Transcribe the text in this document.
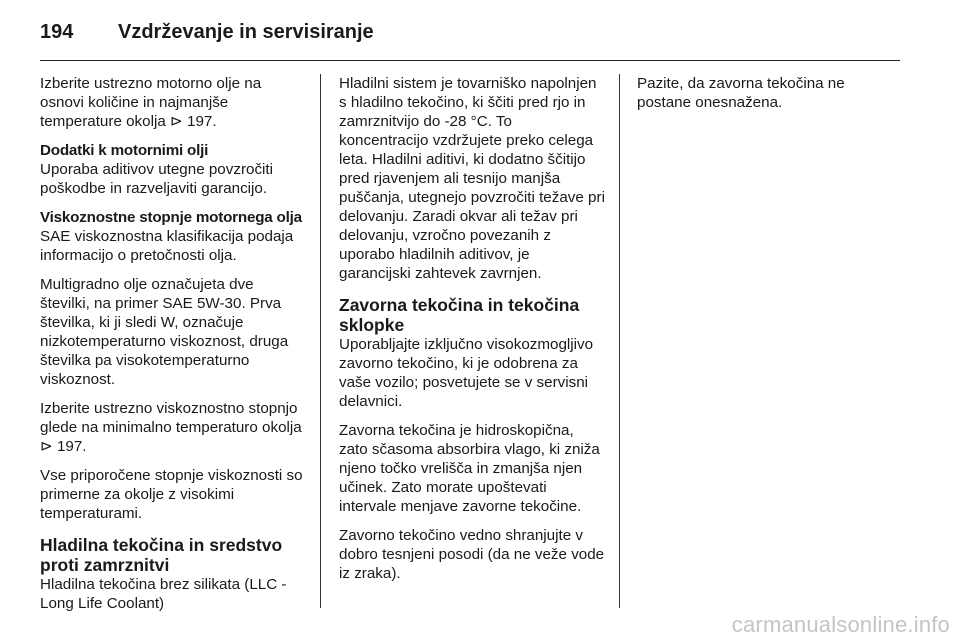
194	Vzdrževanje in servisiranje

Izberite ustrezno motorno olje na osnovi količine in najmanjše temperature okolja ⊳ 197.

Dodatki k motornimi olji

Uporaba aditivov utegne povzročiti poškodbe in razveljaviti garancijo.

Viskoznostne stopnje motornega olja

SAE viskoznostna klasifikacija podaja informacijo o pretočnosti olja.

Multigradno olje označujeta dve številki, na primer SAE 5W-30. Prva številka, ki ji sledi W, označuje nizkotemperaturno viskoznost, druga številka pa visokotemperaturno viskoznost.

Izberite ustrezno viskoznostno stopnjo glede na minimalno temperaturo okolja ⊳ 197.

Vse priporočene stopnje viskoznosti so primerne za okolje z visokimi temperaturami.

Hladilna tekočina in sredstvo proti zamrznitvi

Hladilna tekočina brez silikata (LLC - Long Life Coolant)

Hladilni sistem je tovarniško napolnjen s hladilno tekočino, ki ščiti pred rjo in zamrznitvijo do -28 °C. To koncentracijo vzdržujete preko celega leta. Hladilni aditivi, ki dodatno ščitijo pred rjavenjem ali tesnijo manjša puščanja, utegnejo povzročiti težave pri delovanju. Zaradi okvar ali težav pri delovanju, vzročno povezanih z uporabo hladilnih aditivov, je garancijski zahtevek zavrnjen.

Zavorna tekočina in tekočina sklopke

Uporabljajte izključno visokozmogljivo zavorno tekočino, ki je odobrena za vaše vozilo; posvetujete se v servisni delavnici.

Zavorna tekočina je hidroskopična, zato sčasoma absorbira vlago, ki zniža njeno točko vrelišča in zmanjša njen učinek. Zato morate upoštevati intervale menjave zavorne tekočine.

Zavorno tekočino vedno shranjujte v dobro tesnjeni posodi (da ne veže vode iz zraka).

Pazite, da zavorna tekočina ne postane onesnažena.

carmanualsonline.info
